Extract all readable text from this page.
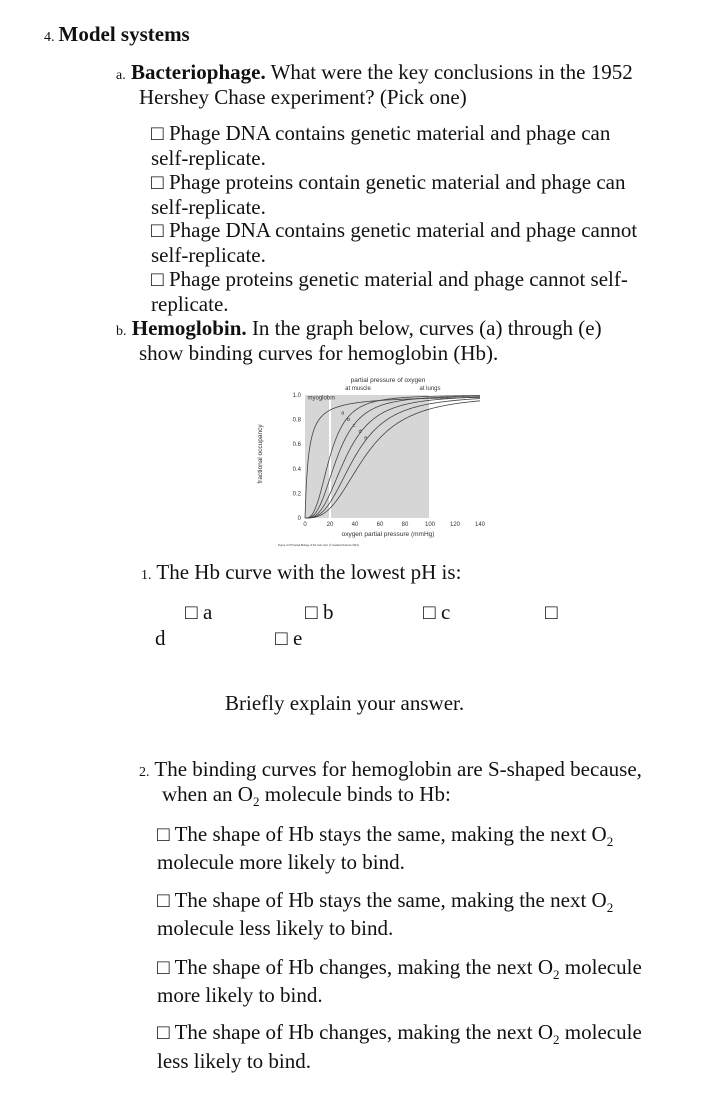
4. Model systems
a. Bacteriophage. What were the key conclusions in the 1952
Hershey Chase experiment? (Pick one)
□ Phage DNA contains genetic material and phage can
self-replicate.
□ Phage proteins contain genetic material and phage can
self-replicate.
□ Phage DNA contains genetic material and phage cannot
self-replicate.
□ Phage proteins genetic material and phage cannot self-
replicate.
b. Hemoglobin. In the graph below, curves (a) through (e)
show binding curves for hemoglobin (Hb).
myoglobin
a
b
c
d
e
0	20	40	60	80	100 120 140
0
0.2
0.4
0.6
0.8
1.0
partial pressure of oxygen
at muscle	at lungs
oxygen partial pressure (mmHg)
fractional occupancy
Figure 4.3 Physical Biology of the Cell, 2ed. (© Garland Science 2013)
1. The Hb curve with the lowest pH is:
□ a	□ b	□ c	□
d	□ e
Briefly explain your answer.
2. The binding curves for hemoglobin are S-shaped because,
when an $O_2$ molecule binds to Hb:
□ The shape of Hb stays the same, making the next $O_2$
molecule more likely to bind.
□ The shape of Hb stays the same, making the next $O_2$
molecule less likely to bind.
□ The shape of Hb changes, making the next $O_2$ molecule
more likely to bind.
□ The shape of Hb changes, making the next $O_2$ molecule
less likely to bind.
